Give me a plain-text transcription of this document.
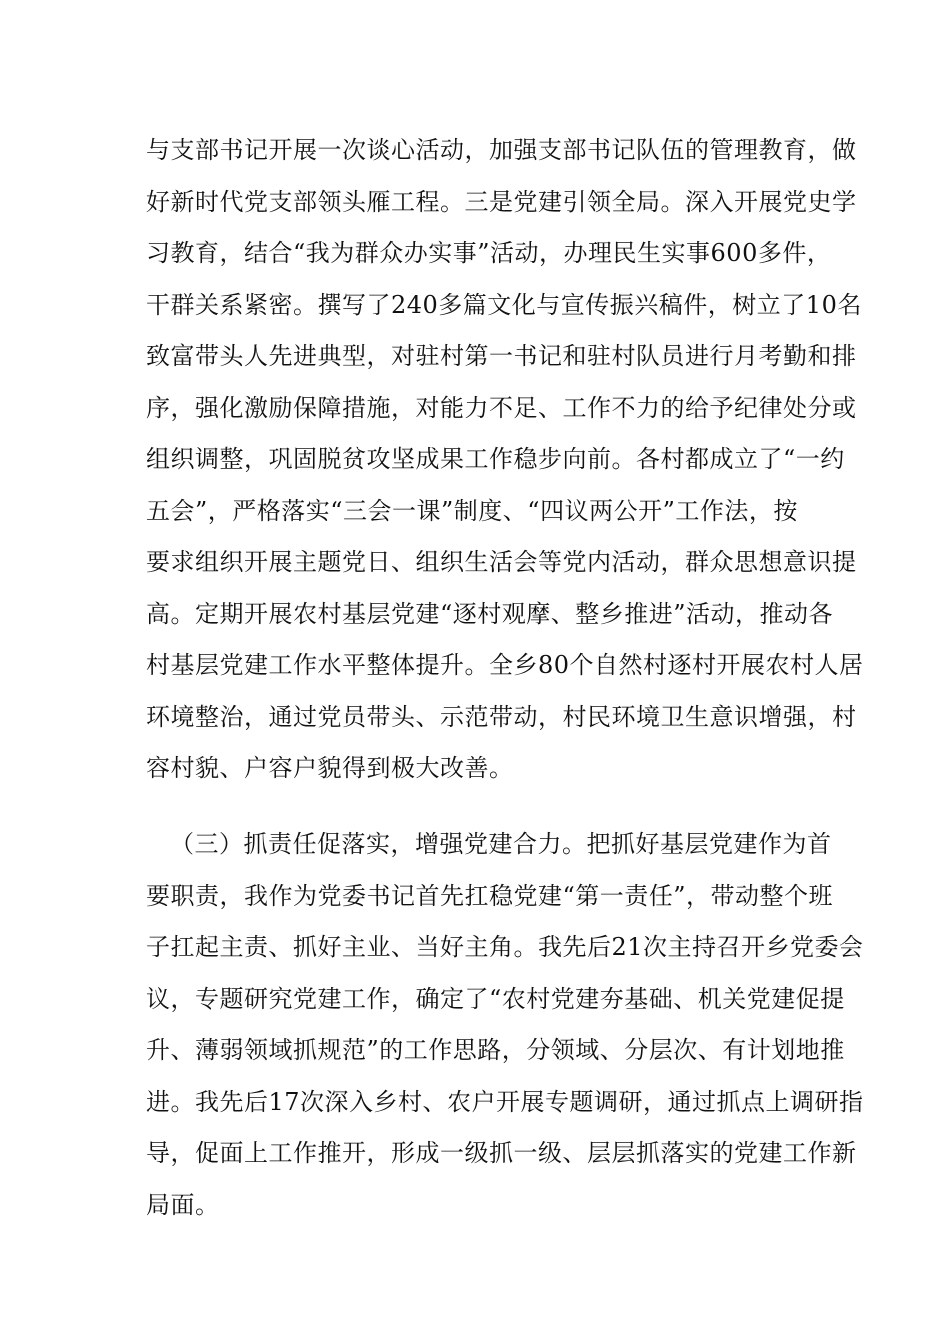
与支部书记开展一次谈心活动，加强支部书记队伍的管理教育，做
好新时代党支部领头雁工程。三是党建引领全局。深入开展党史学
习教育，结合“我为群众办实事”活动，办理民生实事600多件，
干群关系紧密。撰写了240多篇文化与宣传振兴稿件，树立了10名
致富带头人先进典型，对驻村第一书记和驻村队员进行月考勤和排
序，强化激励保障措施，对能力不足、工作不力的给予纪律处分或
组织调整，巩固脱贫攻坚成果工作稳步向前。各村都成立了“一约
五会”，严格落实“三会一课”制度、“四议两公开”工作法，按
要求组织开展主题党日、组织生活会等党内活动，群众思想意识提
高。定期开展农村基层党建“逐村观摩、整乡推进”活动，推动各
村基层党建工作水平整体提升。全乡80个自然村逐村开展农村人居
环境整治，通过党员带头、示范带动，村民环境卫生意识增强，村
容村貌、户容户貌得到极大改善。
（三）抓责任促落实，增强党建合力。把抓好基层党建作为首
要职责，我作为党委书记首先扛稳党建“第一责任”，带动整个班
子扛起主责、抓好主业、当好主角。我先后21次主持召开乡党委会
议，专题研究党建工作，确定了“农村党建夯基础、机关党建促提
升、薄弱领域抓规范”的工作思路，分领域、分层次、有计划地推
进。我先后17次深入乡村、农户开展专题调研，通过抓点上调研指
导，促面上工作推开，形成一级抓一级、层层抓落实的党建工作新
局面。
